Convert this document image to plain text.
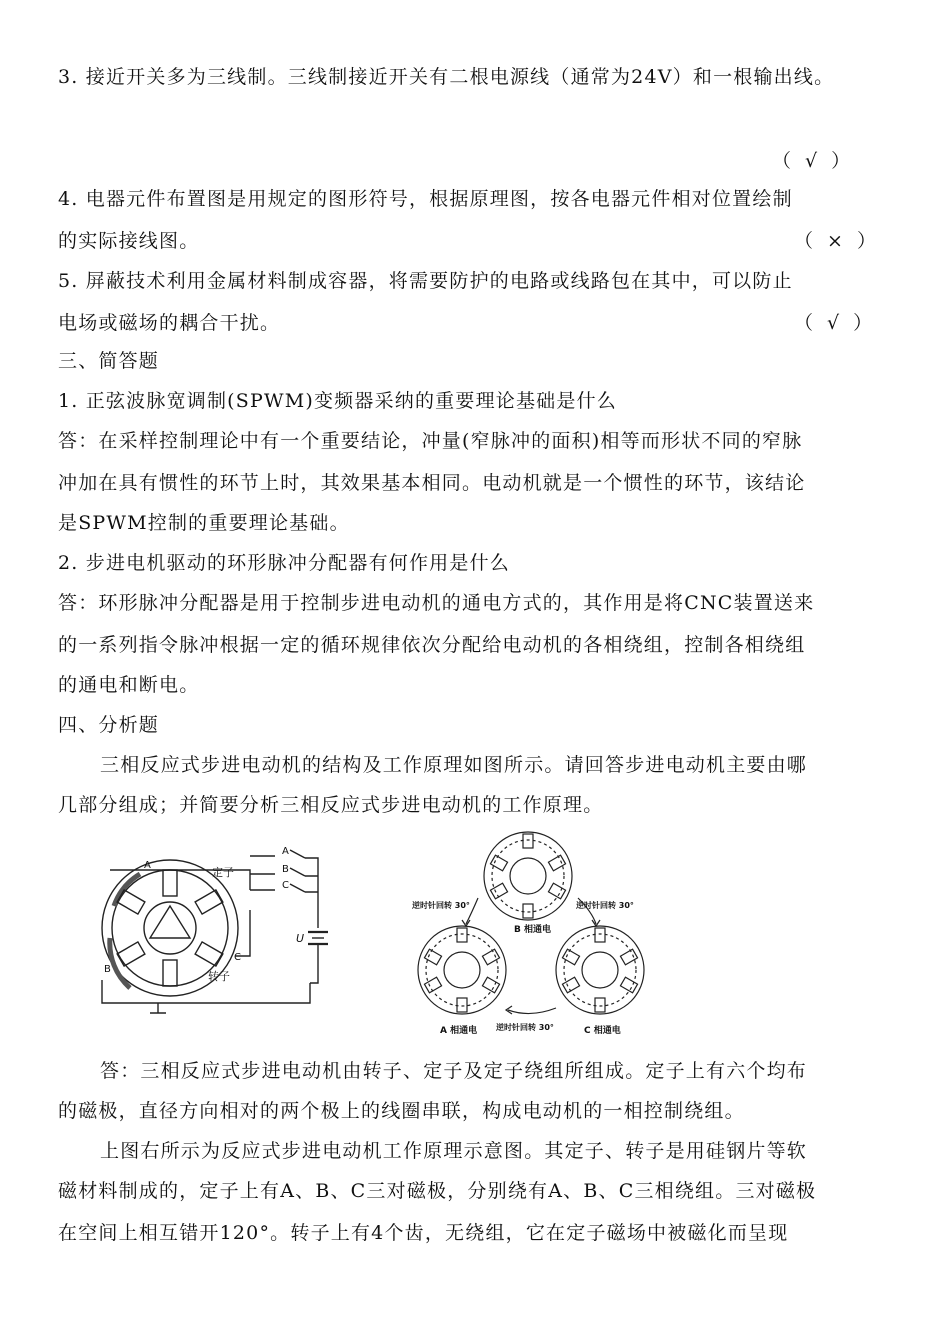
3. 接近开关多为三线制。三线制接近开关有二根电源线（通常为24V）和一根输出线。
（ √ ）
4. 电器元件布置图是用规定的图形符号，根据原理图，按各电器元件相对位置绘制
的实际接线图。	（ × ）
5. 屏蔽技术利用金属材料制成容器，将需要防护的电路或线路包在其中，可以防止
电场或磁场的耦合干扰。	（ √ ）
三、简答题
1. 正弦波脉宽调制(SPWM)变频器采纳的重要理论基础是什么
答：在采样控制理论中有一个重要结论，冲量(窄脉冲的面积)相等而形状不同的窄脉
冲加在具有惯性的环节上时，其效果基本相同。电动机就是一个惯性的环节，该结论
是SPWM控制的重要理论基础。
2. 步进电机驱动的环形脉冲分配器有何作用是什么
答：环形脉冲分配器是用于控制步进电动机的通电方式的，其作用是将CNC装置送来
的一系列指令脉冲根据一定的循环规律依次分配给电动机的各相绕组，控制各相绕组
的通电和断电。
四、分析题
三相反应式步进电动机的结构及工作原理如图所示。请回答步进电动机主要由哪
几部分组成；并简要分析三相反应式步进电动机的工作原理。
定子
转子
A
B
C
A
B
C
U
B 相通电
A 相通电	C 相通电
逆时针回转 30°	逆时针回转 30°
逆时针回转 30°
答：三相反应式步进电动机由转子、定子及定子绕组所组成。定子上有六个均布
的磁极，直径方向相对的两个极上的线圈串联，构成电动机的一相控制绕组。
上图右所示为反应式步进电动机工作原理示意图。其定子、转子是用硅钢片等软
磁材料制成的，定子上有A、B、C三对磁极，分别绕有A、B、C三相绕组。三对磁极
在空间上相互错开120°。转子上有4个齿，无绕组，它在定子磁场中被磁化而呈现
